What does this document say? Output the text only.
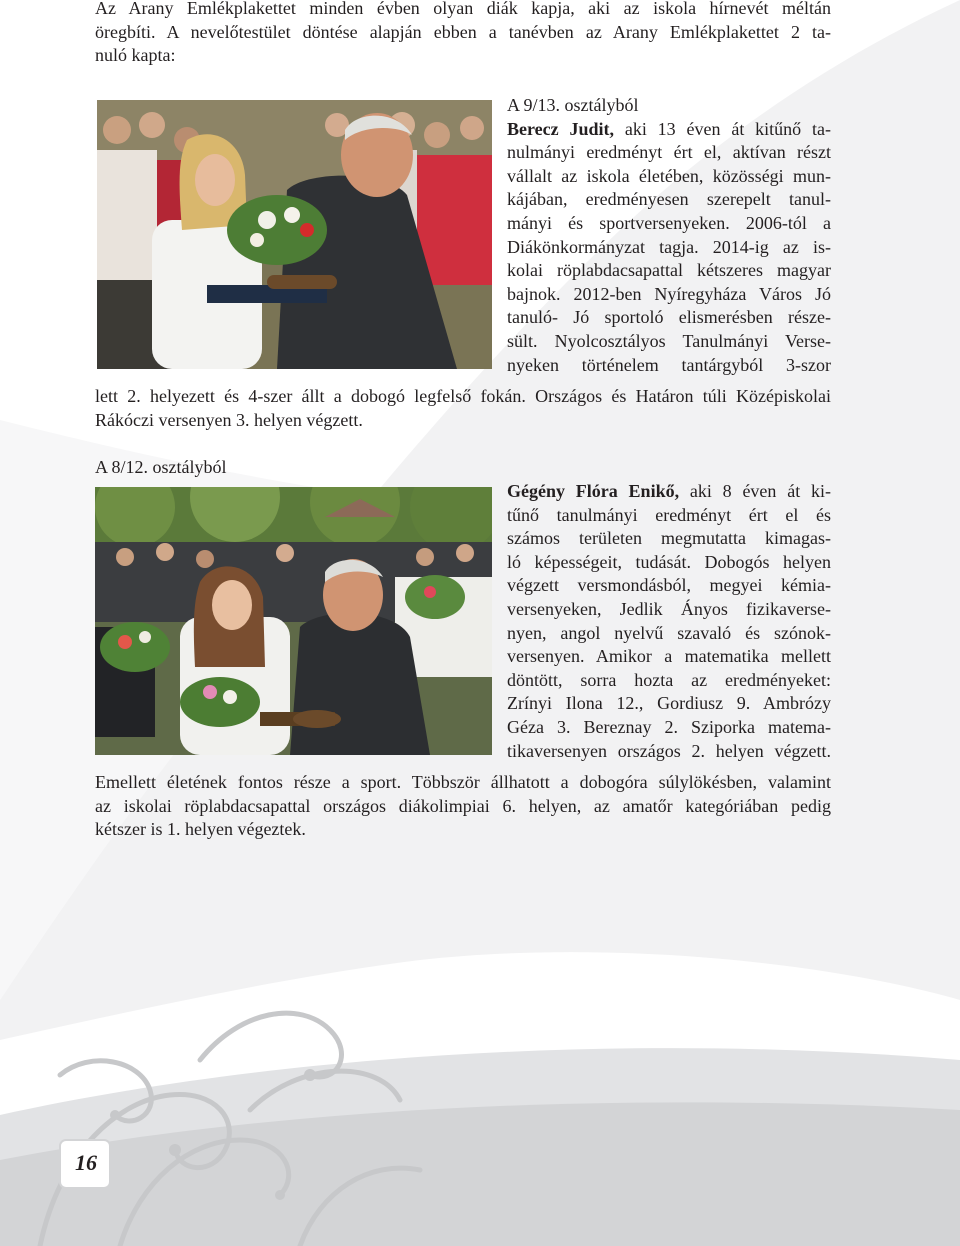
Az Arany Emlékplakettet minden évben olyan diák kapja, aki az iskola hírnevét méltán
öregbíti. A nevelőtestület döntése alapján ebben a tanévben az Arany Emlékplakettet 2 ta-
nuló kapta:
A 9/13. osztályból
Berecz Judit, aki 13 éven át kitűnő ta-
nulmányi eredményt ért el, aktívan részt
vállalt az iskola életében, közösségi mun-
kájában, eredményesen szerepelt tanul-
mányi és sportversenyeken. 2006-tól a
Diákönkormányzat tagja. 2014-ig az is-
kolai röplabdacsapattal kétszeres magyar
bajnok. 2012-ben Nyíregyháza Város Jó
tanuló- Jó sportoló elismerésben része-
sült. Nyolcosztályos Tanulmányi Verse-
nyeken történelem tantárgyból 3-szor
lett 2. helyezett és 4-szer állt a dobogó legfelső fokán. Országos és Határon túli Középiskolai
Rákóczi versenyen 3. helyen végzett.
A 8/12. osztályból
Gégény Flóra Enikő, aki 8 éven át ki-
tűnő tanulmányi eredményt ért el és
számos területen megmutatta kimagas-
ló képességeit, tudását. Dobogós helyen
végzett versmondásból, megyei kémia-
versenyeken, Jedlik Ányos fizikaverse-
nyen, angol nyelvű szavaló és szónok-
versenyen. Amikor a matematika mellett
döntött, sorra hozta az eredményeket:
Zrínyi Ilona 12., Gordiusz 9. Ambrózy
Géza 3. Bereznay 2. Sziporka matema-
tikaversenyen országos 2. helyen végzett.
Emellett életének fontos része a sport. Többször állhatott a dobogóra súlylökésben, valamint
az iskolai röplabdacsapattal országos diákolimpiai 6. helyen, az amatőr kategóriában pedig
kétszer is 1. helyen végeztek.
16
